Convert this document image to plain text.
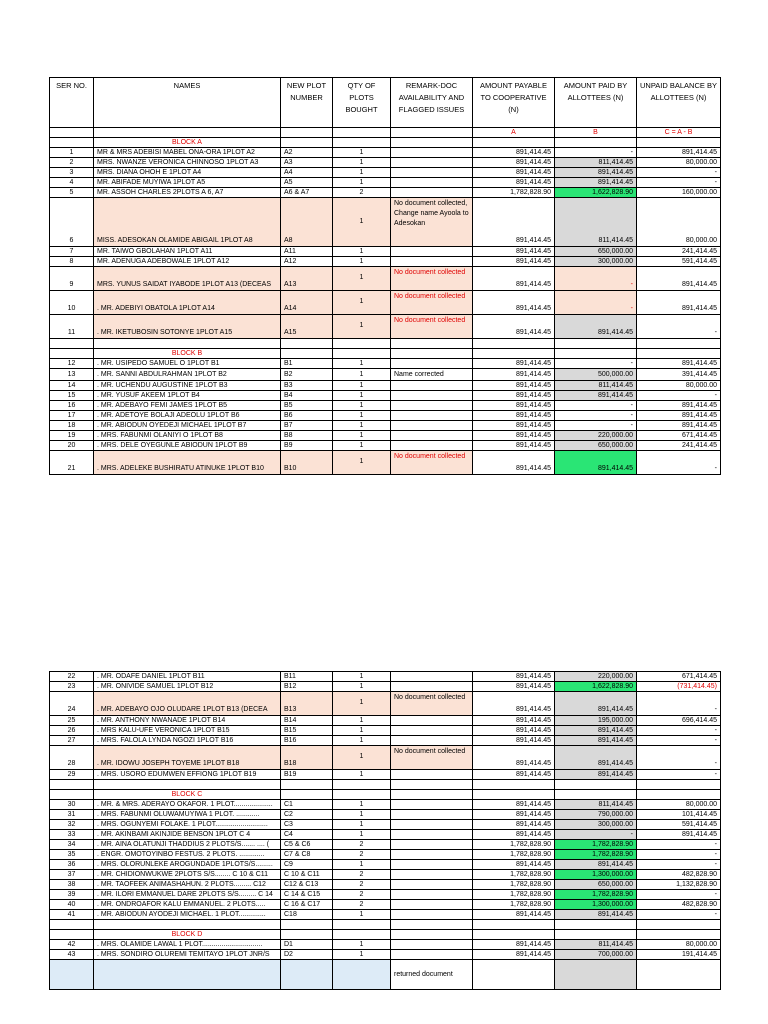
SER NO.	NAMES	NEW PLOT NUMBER	QTY OF PLOTS BOUGHT	REMARK-DOC AVAILABILITY AND FLAGGED ISSUES	AMOUNT PAYABLE TO COOPERATIVE (N)	AMOUNT PAID BY ALLOTTEES (N)	UNPAID BALANCE BY ALLOTTEES (N)
					A	B	C = A - B
	BLOCK A						
1	MR & MRS ADEBISI MABEL ONA-ORA 1PLOT A2	A2	1		891,414.45	-	891,414.45
2	MRS. NWANZE VERONICA CHINNOSO 1PLOT A3	A3	1		891,414.45	811,414.45	80,000.00
3	MRS. DIANA OHOH E 1PLOT A4	A4	1		891,414.45	891,414.45	-
4	MR. ABIFADE MUYIWA 1PLOT A5	A5	1		891,414.45	891,414.45	-
5	MR. ASSOH CHARLES 2PLOTS A 6, A7	A6 & A7	2		1,782,828.90	1,622,828.90	160,000.00
6	MISS. ADESOKAN OLAMIDE ABIGAIL 1PLOT A8	A8	1	No document collected, Change name Ayoola to Adesokan	891,414.45	811,414.45	80,000.00
7	MR. TAIWO GBOLAHAN 1PLOT A11	A11	1		891,414.45	650,000.00	241,414.45
8	MR. ADENUGA ADEBOWALE 1PLOT A12	A12	1		891,414.45	300,000.00	591,414.45
9	MRS. YUNUS SAIDAT IYABODE 1PLOT A13 (DECEAS	A13	1	No document collected	891,414.45	-	891,414.45
10	. MR. ADEBIYI OBATOLA 1PLOT A14	A14	1	No document collected	891,414.45	-	891,414.45
11	. MR. IKETUBOSIN SOTONYE 1PLOT A15	A15	1	No document collected	891,414.45	891,414.45	-

	BLOCK B						
12	. MR. USIPEDO SAMUEL O 1PLOT B1	B1	1		891,414.45	-	891,414.45
13	. MR. SANNI ABDULRAHMAN 1PLOT B2	B2	1	Name corrected	891,414.45	500,000.00	391,414.45
14	. MR. UCHENDU AUGUSTINE 1PLOT B3	B3	1		891,414.45	811,414.45	80,000.00
15	. MR. YUSUF AKEEM 1PLOT B4	B4	1		891,414.45	891,414.45	-
16	. MR. ADEBAYO FEMI JAMES 1PLOT B5	B5	1		891,414.45	-	891,414.45
17	. MR. ADETOYE BOLAJI ADEOLU 1PLOT B6	B6	1		891,414.45	-	891,414.45
18	. MR. ABIODUN OYEDEJI MICHAEL 1PLOT B7	B7	1		891,414.45	-	891,414.45
19	. MRS. FABUNMI OLANIYI O 1PLOT B8	B8	1		891,414.45	220,000.00	671,414.45
20	. MRS. DELE OYEGUNLE ABIODUN 1PLOT B9	B9	1		891,414.45	650,000.00	241,414.45
21	. MRS. ADELEKE BUSHIRATU ATINUKE 1PLOT B10	B10	1	No document collected	891,414.45	891,414.45	-
22	. MR. ODAFE DANIEL 1PLOT B11	B11	1		891,414.45	220,000.00	671,414.45
23	. MR. ONIVIDE SAMUEL 1PLOT B12	B12	1		891,414.45	1,622,828.90	(731,414.45)
24	. MR. ADEBAYO OJO OLUDARE 1PLOT B13 (DECEA	B13	1	No document collected	891,414.45	891,414.45	-
25	. MR. ANTHONY NWANADE 1PLOT B14	B14	1		891,414.45	195,000.00	696,414.45
26	. MRS KALU-UFE VERONICA 1PLOT B15	B15	1		891,414.45	891,414.45	-
27	. MRS. FALOLA LYNDA NGOZI 1PLOT B16	B16	1		891,414.45	891,414.45	-
28	. MR. IDOWU JOSEPH TOYEME 1PLOT B18	B18	1	No document collected	891,414.45	891,414.45	-
29	. MRS. USORO EDUMWEN EFFIONG 1PLOT B19	B19	1		891,414.45	891,414.45	-

	BLOCK C						
30	. MR. & MRS. ADERAYO OKAFOR. 1 PLOT....................	C1	1		891,414.45	811,414.45	80,000.00
31	. MRS. FABUNMI OLUWAMUYIWA 1 PLOT. ............	C2	1		891,414.45	790,000.00	101,414.45
32	. MRS. OGUNYEMI FOLAKE. 1 PLOT...........................	C3	1		891,414.45	300,000.00	591,414.45
33	. MR. AKINBAMI AKINJIDE BENSON 1PLOT C 4	C4	1		891,414.45	-	891,414.45
34	. MR. AINA OLATUNJI THADDIUS 2 PLOTS/S....... .... (	C5 & C6	2		1,782,828.90	1,782,828.90	-
35	. ENGR. OMOTOYINBO FESTUS. 2 PLOTS. .............	C7 & C8	2		1,782,828.90	1,782,828.90	-
36	. MRS. OLORUNLEKE AROGUNDADE 1PLOTS/S.........	C9	1		891,414.45	891,414.45	-
37	. MR. CHIDIONWUKWE 2PLOTS S/S........ C 10 & C11	C 10 & C11	2		1,782,828.90	1,300,000.00	482,828.90
38	. MR. TAOFEEK ANIMASHAHUN. 2 PLOTS......... C12	C12 & C13	2		1,782,828.90	650,000.00	1,132,828.90
39	. MR. ILORI EMMANUEL DARE 2PLOTS S/S......... C 14	C 14 & C15	2		1,782,828.90	1,782,828.90	-
40	. MR. ONDROAFOR KALU EMMANUEL. 2 PLOTS.....	C 16 & C17	2		1,782,828.90	1,300,000.00	482,828.90
41	. MR. ABIODUN AYODEJI MICHAEL. 1 PLOT..............	C18	1		891,414.45	891,414.45	-

	BLOCK D						
42	. MRS. OLAMIDE LAWAL 1 PLOT...............................	D1	1		891,414.45	811,414.45	80,000.00
43	. MRS. SONDIRO OLUREMI TEMITAYO 1PLOT JNR/S	D2	1		891,414.45	700,000.00	191,414.45
				returned document			
